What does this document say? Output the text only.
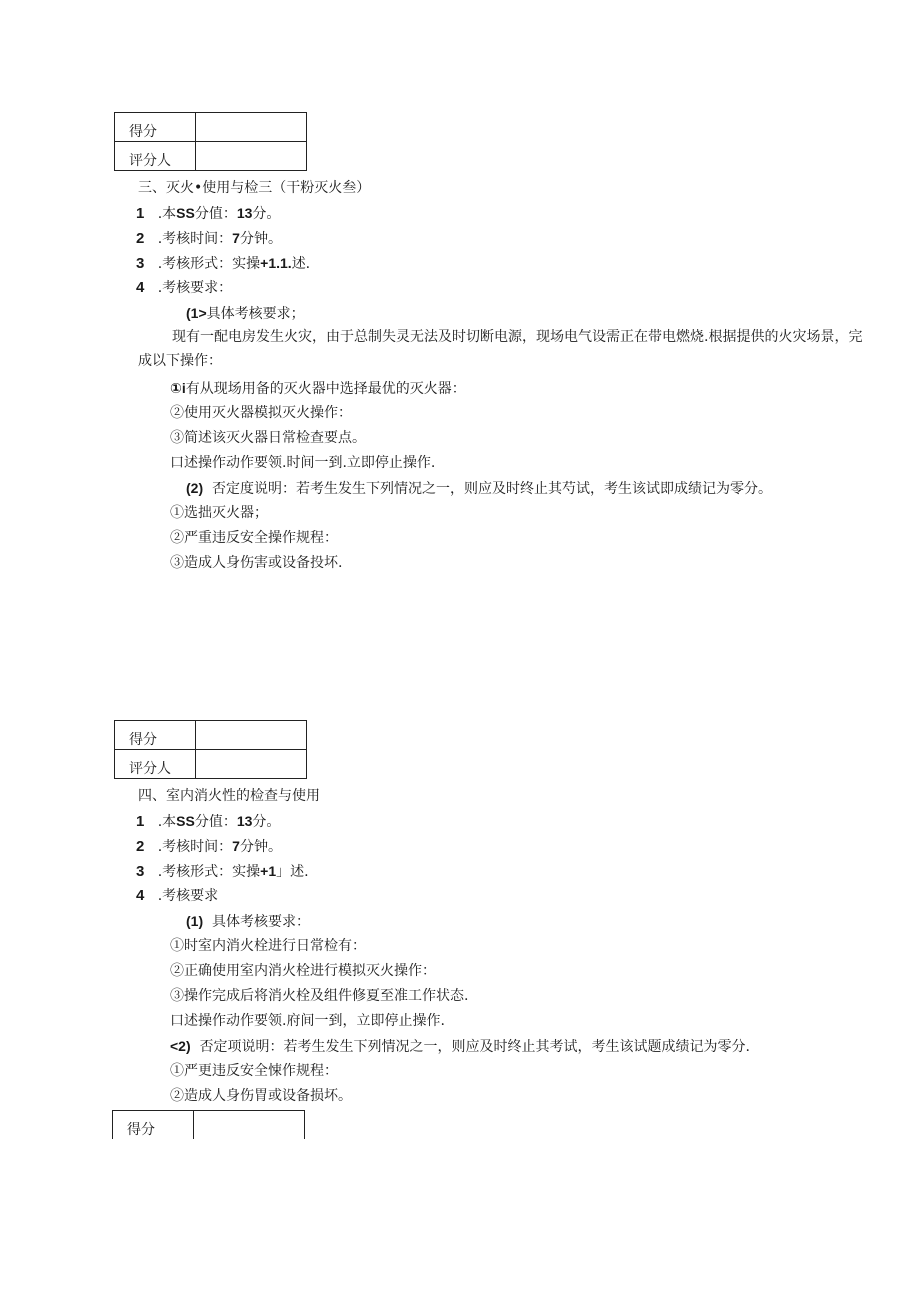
得分	
评分人	
三、灭火•使用与检三（干粉灭火叁）
1 .本SS分值：13分。
2 .考核时间：7分钟。
3 .考核形式：实操+1.1.述.
4 .考核要求：
(1>具体考核要求；
现有一配电房发生火灾，由于总制失灵无法及时切断电源，现场电气设需正在带电燃烧.根据提供的火灾场景，完成以下操作：
①i有从现场用备的灭火器中选择最优的灭火器：
②使用灭火器模拟灭火操作：
③简述该灭火器日常检查要点。
口述操作动作要领.时间一到.立即停止操作.
(2) 否定度说明：若考生发生下列情况之一，则应及时终止其芍试，考生该试即成绩记为零分。
①选拙灭火器；
②严重违反安全操作规程：
③造成人身伤害或设备投坏.
得分	
评分人	
四、室内消火性的检查与使用
1 .本SS分值：13分。
2 .考核时间：7分钟。
3 .考核形式：实操+1」述.
4 .考核要求
(1) 具体考核要求：
①时室内消火栓进行日常检有：
②正确使用室内消火栓进行模拟灭火操作：
③操作完成后将消火栓及组件修夏至准工作状态.
口述操作动作要领.府间一到，立即停止操作.
<2) 否定项说明：若考生发生下列情况之一，则应及时终止其考试，考生该试题成绩记为零分.
①严更违反安全悚作规程：
②造成人身伤胃或设备损坏。
得分	
